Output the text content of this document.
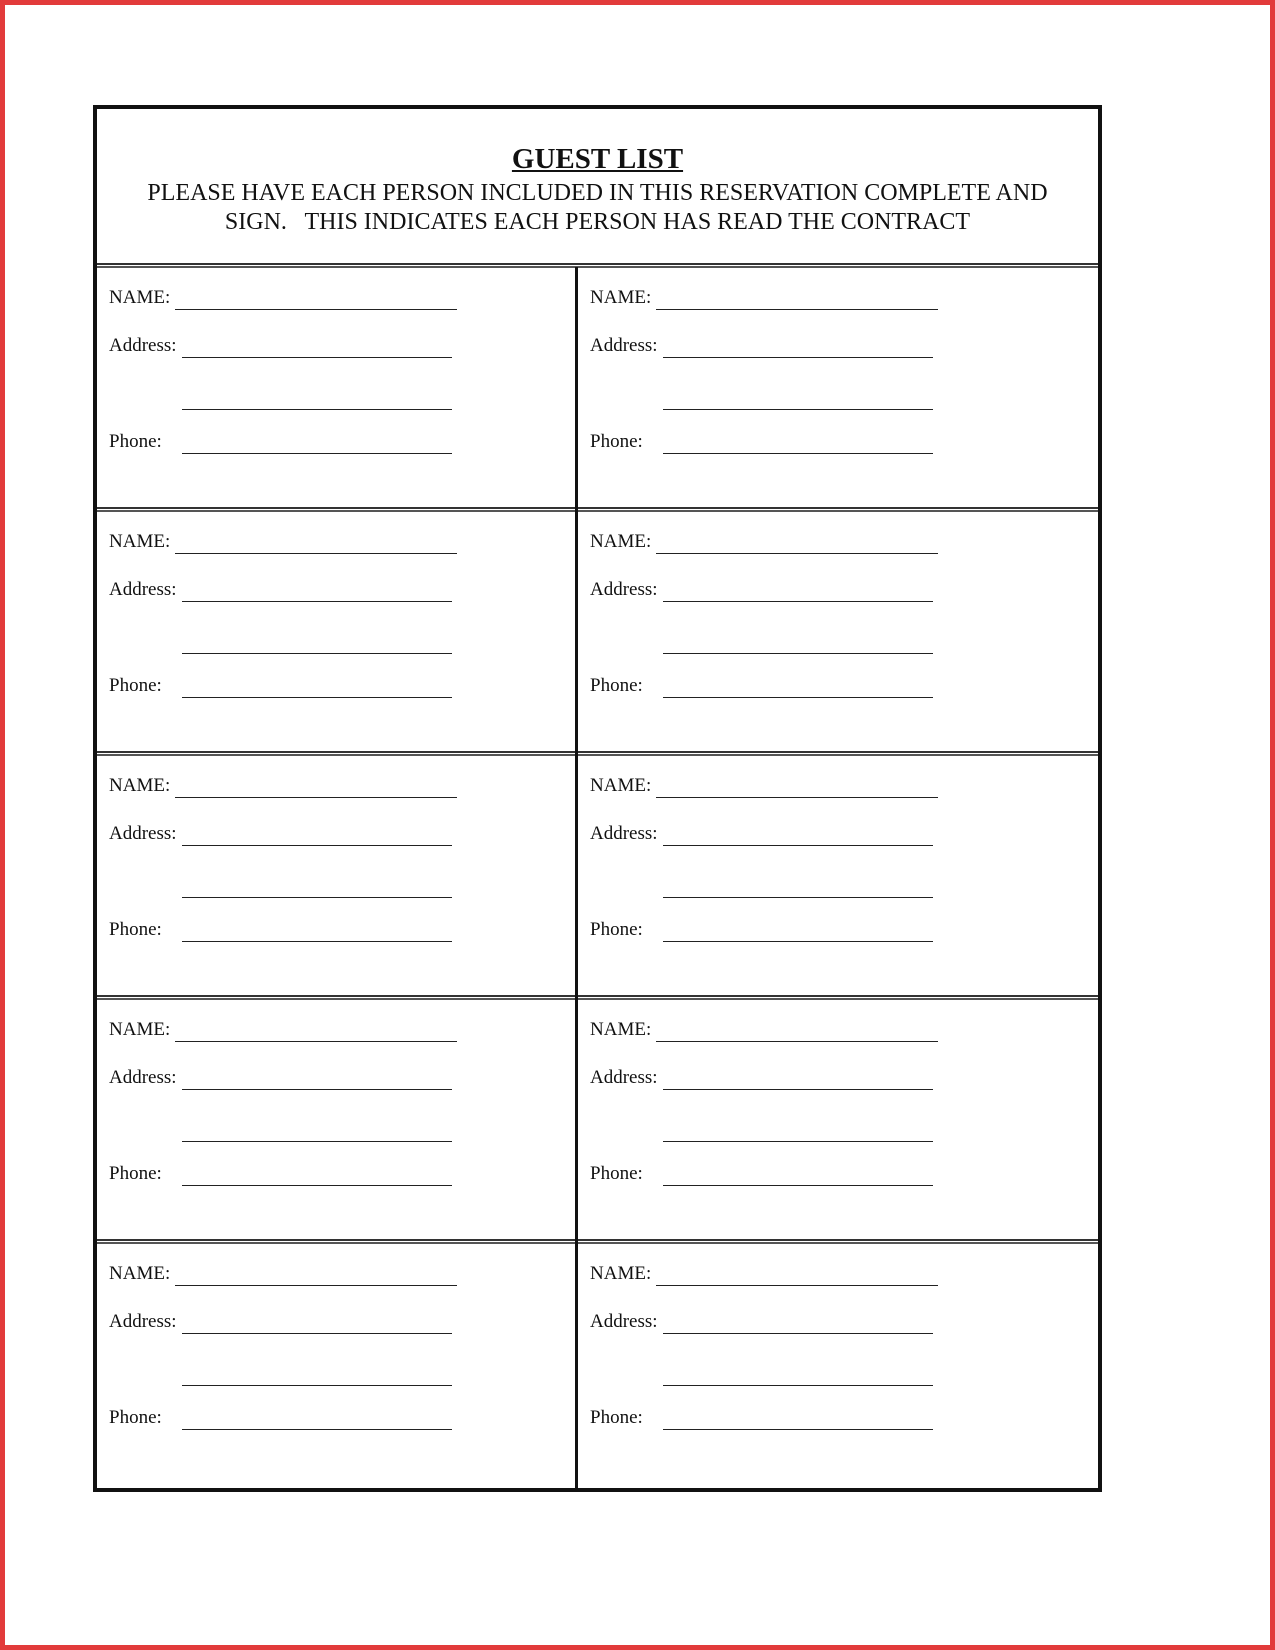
GUEST LIST
PLEASE HAVE EACH PERSON INCLUDED IN THIS RESERVATION COMPLETE AND
SIGN.   THIS INDICATES EACH PERSON HAS READ THE CONTRACT
NAME:
Address:
Phone:
NAME:
Address:
Phone:
NAME:
Address:
Phone:
NAME:
Address:
Phone:
NAME:
Address:
Phone:
NAME:
Address:
Phone:
NAME:
Address:
Phone:
NAME:
Address:
Phone:
NAME:
Address:
Phone:
NAME:
Address:
Phone:
